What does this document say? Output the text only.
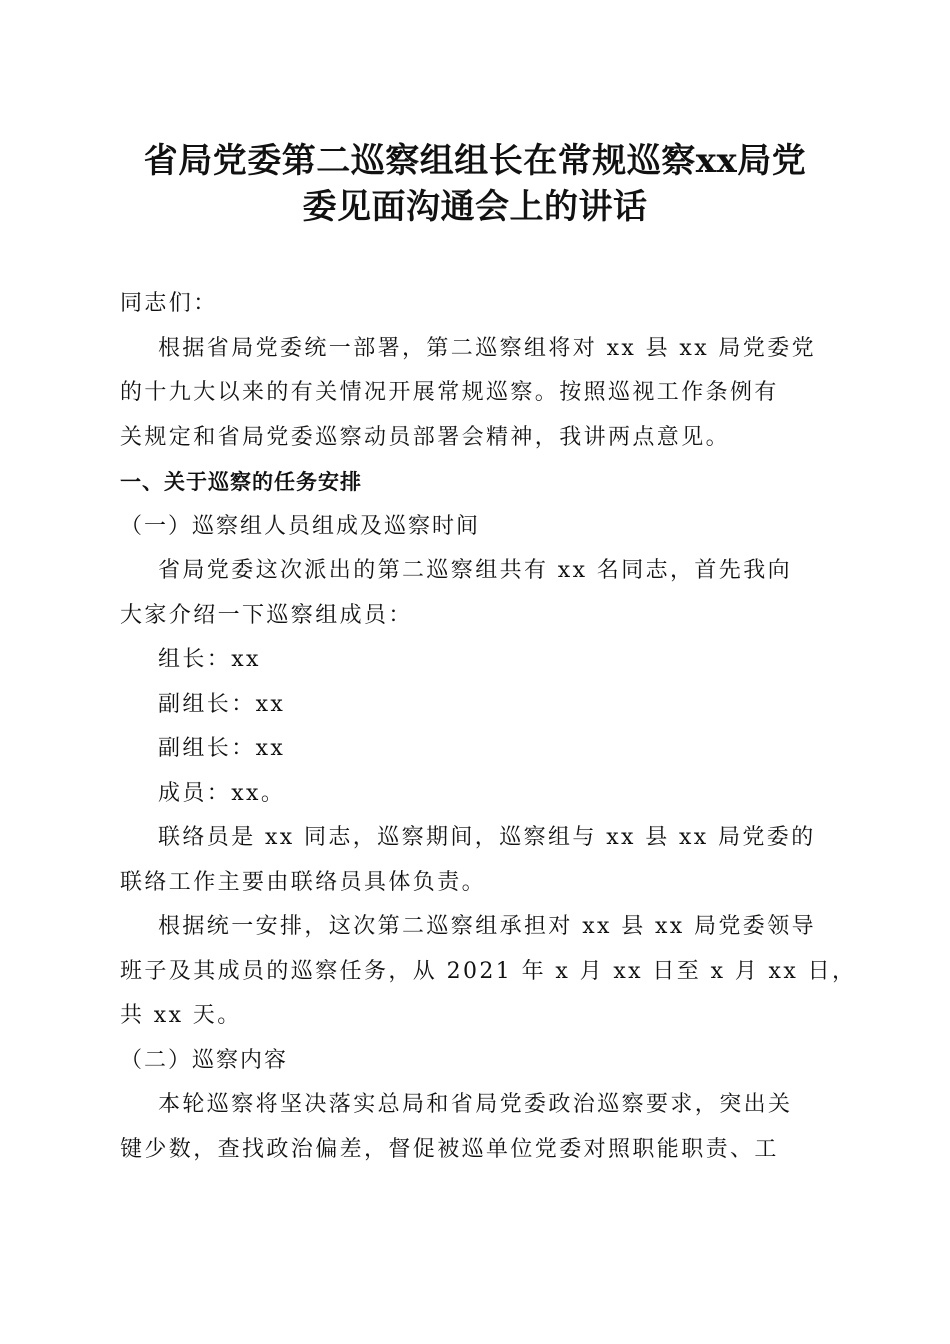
省局党委第二巡察组组长在常规巡察xx局党
委见面沟通会上的讲话

同志们：

根据省局党委统一部署，第二巡察组将对 xx 县 xx 局党委党

的十九大以来的有关情况开展常规巡察。按照巡视工作条例有

关规定和省局党委巡察动员部署会精神，我讲两点意见。

一、关于巡察的任务安排

（一）巡察组人员组成及巡察时间

省局党委这次派出的第二巡察组共有 xx 名同志，首先我向

大家介绍一下巡察组成员：

组长：xx

副组长：xx

副组长：xx

成员：xx。

联络员是 xx 同志，巡察期间，巡察组与 xx 县 xx 局党委的

联络工作主要由联络员具体负责。

根据统一安排，这次第二巡察组承担对 xx 县 xx 局党委领导

班子及其成员的巡察任务，从 2021 年 x 月 xx 日至 x 月 xx 日，

共 xx 天。

（二）巡察内容

本轮巡察将坚决落实总局和省局党委政治巡察要求，突出关

键少数，查找政治偏差，督促被巡单位党委对照职能职责、工
